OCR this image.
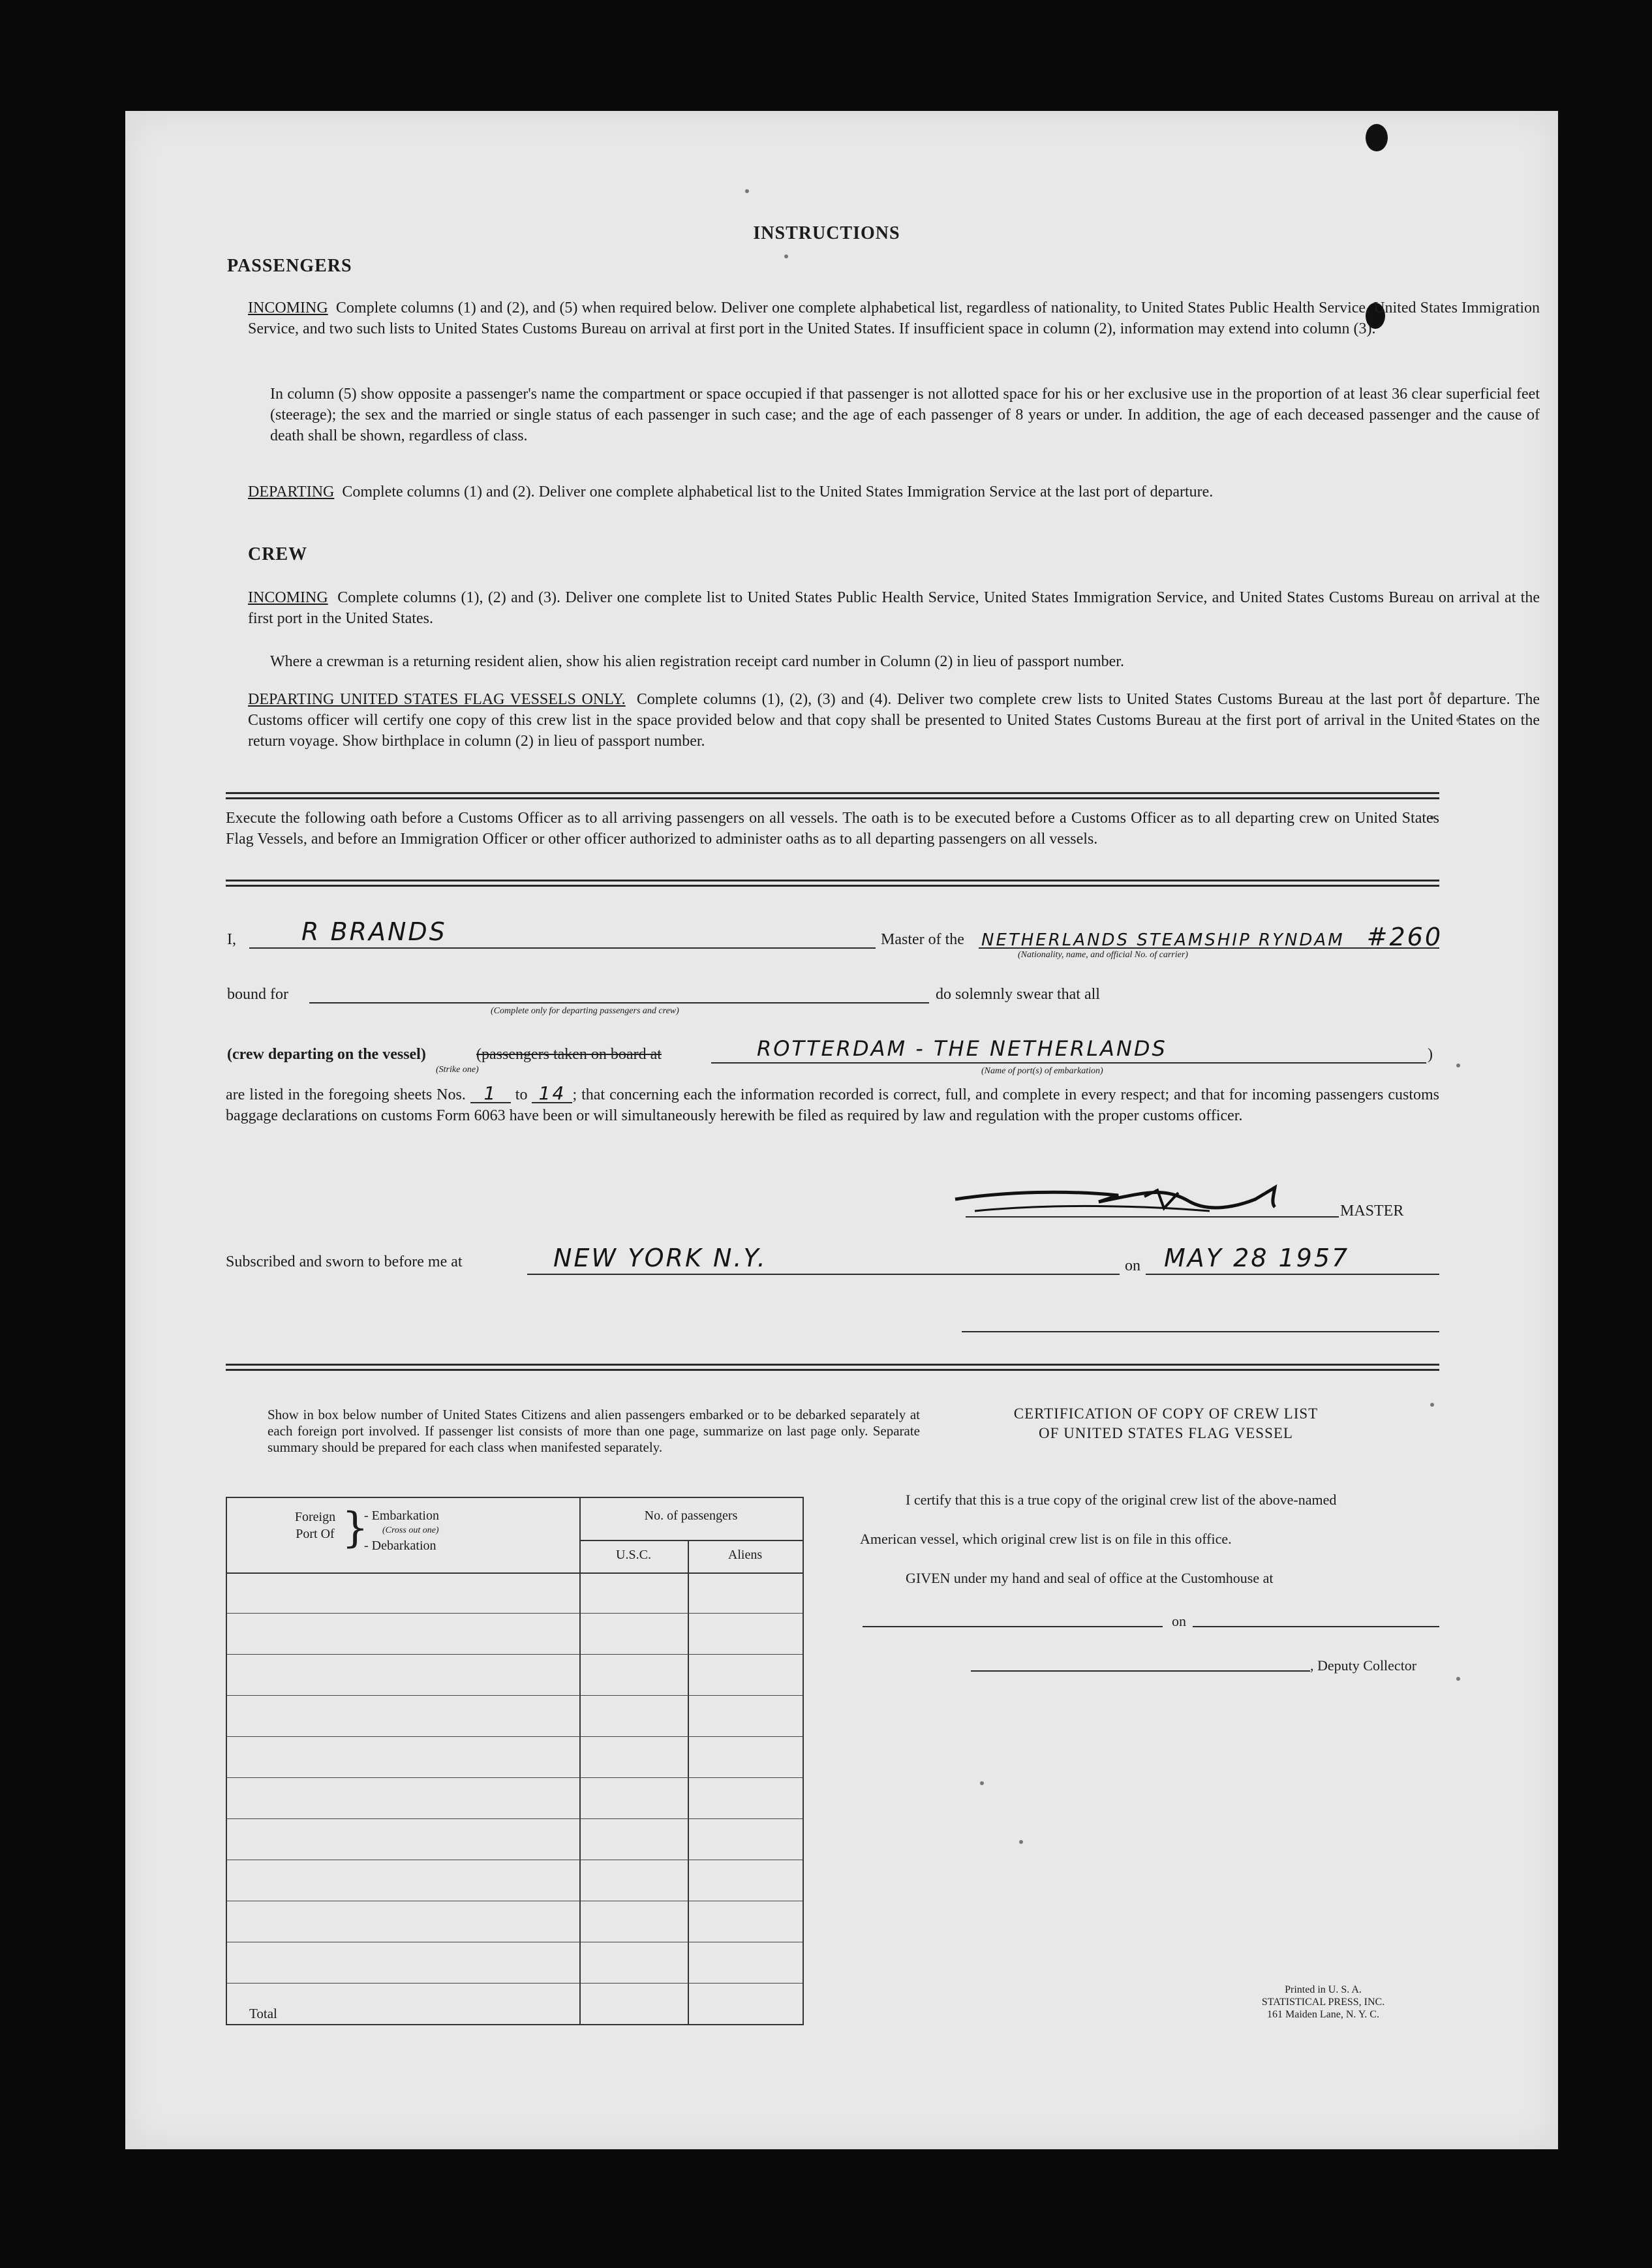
INSTRUCTIONS
PASSENGERS
INCOMING Complete columns (1) and (2), and (5) when required below. Deliver one complete alphabetical list, regardless of nationality, to United States Public Health Service, United States Immigration Service, and two such lists to United States Customs Bureau on arrival at first port in the United States. If insufficient space in column (2), information may extend into column (3).
In column (5) show opposite a passenger's name the compartment or space occupied if that passenger is not allotted space for his or her exclusive use in the proportion of at least 36 clear superficial feet (steerage); the sex and the married or single status of each passenger in such case; and the age of each passenger of 8 years or under. In addition, the age of each deceased passenger and the cause of death shall be shown, regardless of class.
DEPARTING Complete columns (1) and (2). Deliver one complete alphabetical list to the United States Immigration Service at the last port of departure.
CREW
INCOMING Complete columns (1), (2) and (3). Deliver one complete list to United States Public Health Service, United States Immigration Service, and United States Customs Bureau on arrival at the first port in the United States.
Where a crewman is a returning resident alien, show his alien registration receipt card number in Column (2) in lieu of passport number.
DEPARTING UNITED STATES FLAG VESSELS ONLY. Complete columns (1), (2), (3) and (4). Deliver two complete crew lists to United States Customs Bureau at the last port of departure. The Customs officer will certify one copy of this crew list in the space provided below and that copy shall be presented to United States Customs Bureau at the first port of arrival in the United States on the return voyage. Show birthplace in column (2) in lieu of passport number.
Execute the following oath before a Customs Officer as to all arriving passengers on all vessels. The oath is to be executed before a Customs Officer as to all departing crew on United States Flag Vessels, and before an Immigration Officer or other officer authorized to administer oaths as to all departing passengers on all vessels.
I,	R BRANDS	Master of the NETHERLANDS STEAMSHIP RYNDAM #260
(Nationality, name, and official No. of carrier)
bound for
(Complete only for departing passengers and crew)
do solemnly swear that all
(crew departing on the vessel)	(passengers taken on board at
(Strike one)
ROTTERDAM - THE NETHERLANDS
(Name of port(s) of embarkation)
)
are listed in the foregoing sheets Nos. 1 to 14 ; that concerning each the information recorded is correct, full, and complete in every respect; and that for incoming passengers customs baggage declarations on customs Form 6063 have been or will simultaneously herewith be filed as required by law and regulation with the proper customs officer.
MASTER
Subscribed and sworn to before me at	NEW YORK N.Y.	on MAY 28 1957
Show in box below number of United States Citizens and alien passengers embarked or to be debarked separately at each foreign port involved. If passenger list consists of more than one page, summarize on last page only. Separate summary should be prepared for each class when manifested separately.
Foreign Port Of }
- Embarkation
(Cross out one)
- Debarkation
No. of passengers
U.S.C.	Aliens
Total
CERTIFICATION OF COPY OF CREW LIST
OF UNITED STATES FLAG VESSEL
I certify that this is a true copy of the original crew list of the above-named
American vessel, which original crew list is on file in this office.
GIVEN under my hand and seal of office at the Customhouse at
on
, Deputy Collector
Printed in U. S. A.
STATISTICAL PRESS, INC.
161 Maiden Lane, N. Y. C.
